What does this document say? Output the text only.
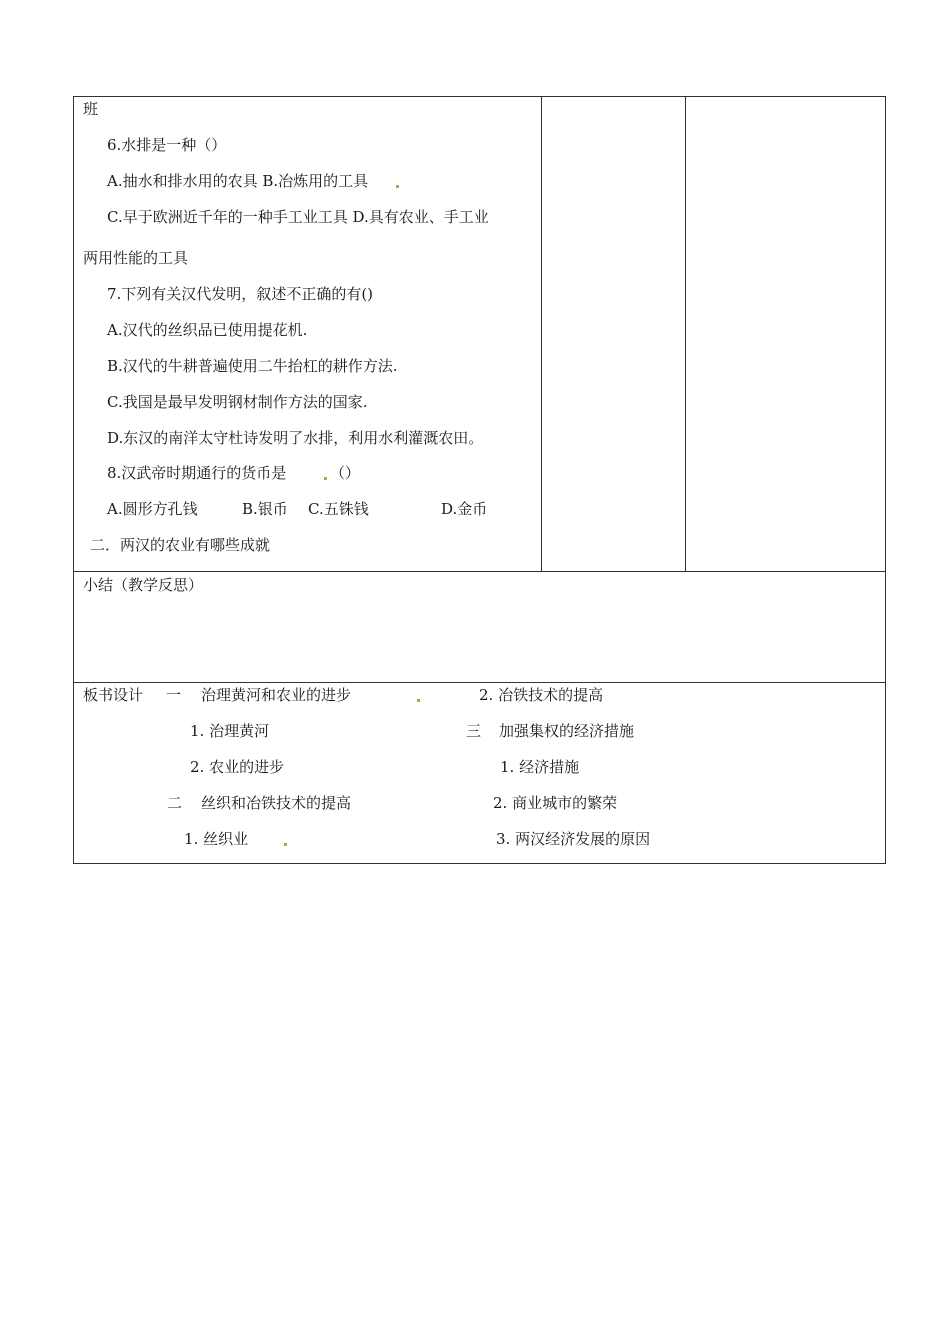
班
6.水排是一种（）
A.抽水和排水用的农具 B.冶炼用的工具
C.早于欧洲近千年的一种手工业工具 D.具有农业、手工业
两用性能的工具
7.下列有关汉代发明，叙述不正确的有()
A.汉代的丝织品已使用提花机.
B.汉代的牛耕普遍使用二牛抬杠的耕作方法.
C.我国是最早发明钢材制作方法的国家.
D.东汉的南洋太守杜诗发明了水排，利用水利灌溉农田。
8.汉武帝时期通行的货币是	（）
A.圆形方孔钱	B.银币 C.五铢钱	D.金币
二．两汉的农业有哪些成就
小结（教学反思）
板书设计 一 治理黄河和农业的进步	2. 冶铁技术的提高
1. 治理黄河	三 加强集权的经济措施
2. 农业的进步	1. 经济措施
二 丝织和冶铁技术的提高	2. 商业城市的繁荣
1. 丝织业	3. 两汉经济发展的原因
